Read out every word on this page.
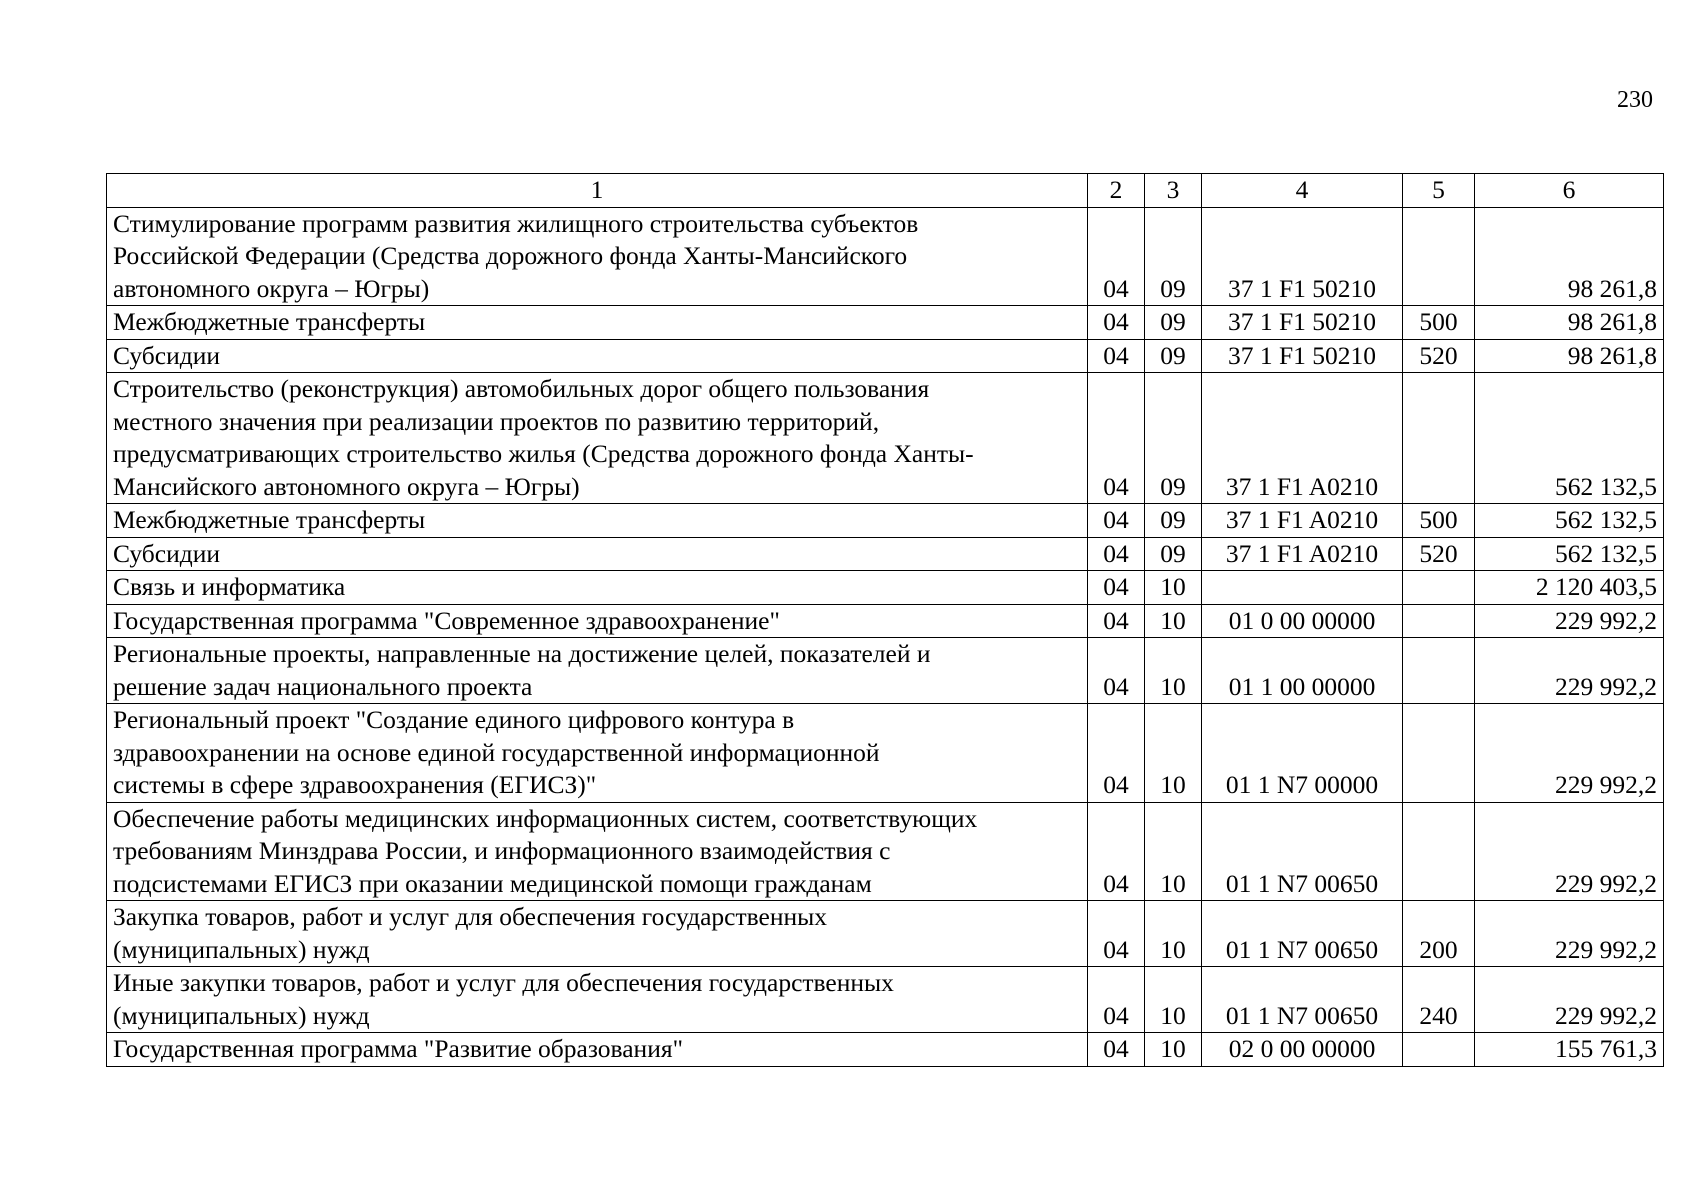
230
1	2	3	4	5	6

Стимулирование программ развития жилищного строительства субъектов
Российской Федерации (Средства дорожного фонда Ханты-Мансийского
автономного округа – Югры)	04	09	37 1 F1 50210		98 261,8

Межбюджетные трансферты	04	09	37 1 F1 50210	500	98 261,8

Субсидии	04	09	37 1 F1 50210	520	98 261,8

Строительство (реконструкция) автомобильных дорог общего пользования
местного значения при реализации проектов по развитию территорий,
предусматривающих строительство жилья (Средства дорожного фонда Ханты-
Мансийского автономного округа – Югры)	04	09	37 1 F1 A0210		562 132,5

Межбюджетные трансферты	04	09	37 1 F1 A0210	500	562 132,5

Субсидии	04	09	37 1 F1 A0210	520	562 132,5

Связь и информатика	04	10			2 120 403,5

Государственная программа "Современное здравоохранение"	04	10	01 0 00 00000		229 992,2

Региональные проекты, направленные на достижение целей, показателей и
решение задач национального проекта	04	10	01 1 00 00000		229 992,2

Региональный проект "Создание единого цифрового контура в
здравоохранении на основе единой государственной информационной
системы в сфере здравоохранения (ЕГИСЗ)"	04	10	01 1 N7 00000		229 992,2

Обеспечение работы медицинских информационных систем, соответствующих
требованиям Минздрава России, и информационного взаимодействия с
подсистемами ЕГИСЗ при оказании медицинской помощи гражданам	04	10	01 1 N7 00650		229 992,2

Закупка товаров, работ и услуг для обеспечения государственных
(муниципальных) нужд	04	10	01 1 N7 00650	200	229 992,2

Иные закупки товаров, работ и услуг для обеспечения государственных
(муниципальных) нужд	04	10	01 1 N7 00650	240	229 992,2

Государственная программа "Развитие образования"	04	10	02 0 00 00000		155 761,3
